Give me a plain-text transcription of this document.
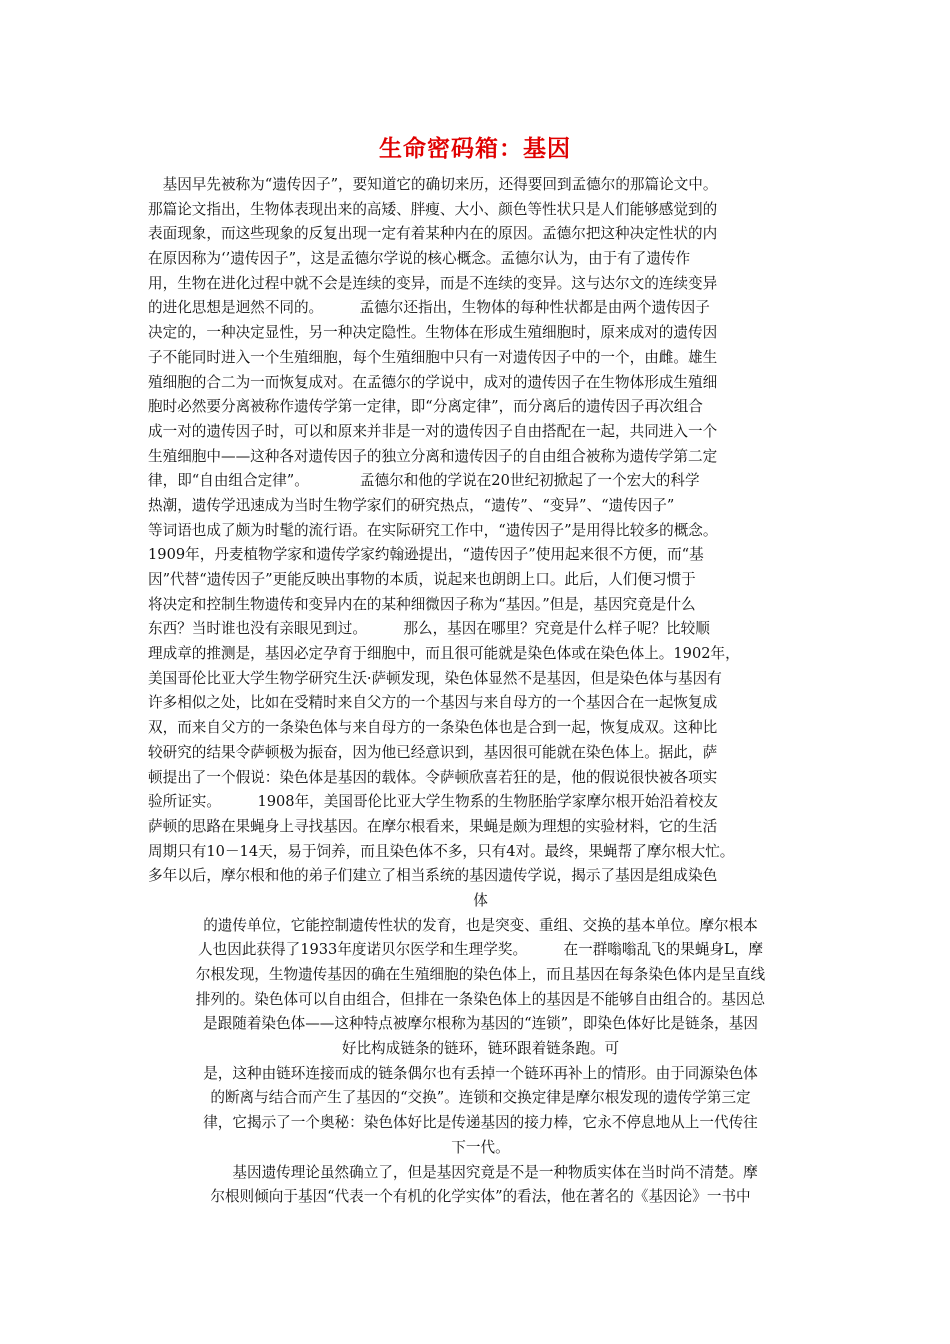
生命密码箱：基因
　基因早先被称为“遗传因子”，要知道它的确切来历，还得要回到孟德尔的那篇论文中。
那篇论文指出，生物体表现出来的高矮、胖瘦、大小、颜色等性状只是人们能够感觉到的
表面现象，而这些现象的反复出现一定有着某种内在的原因。孟德尔把这种决定性状的内
在原因称为‘’遗传因子”，这是孟德尔学说的核心概念。孟德尔认为，由于有了遗传作
用，生物在进化过程中就不会是连续的变异，而是不连续的变异。这与达尔文的连续变异
的进化思想是迥然不同的。　　　孟德尔还指出，生物体的每种性状都是由两个遗传因子
决定的，一种决定显性，另一种决定隐性。生物体在形成生殖细胞时，原来成对的遗传因
子不能同时进入一个生殖细胞，每个生殖细胞中只有一对遗传因子中的一个，由雌。雄生
殖细胞的合二为一而恢复成对。在孟德尔的学说中，成对的遗传因子在生物体形成生殖细
胞时必然要分离被称作遗传学第一定律，即“分离定律”，而分离后的遗传因子再次组合
成一对的遗传因子时，可以和原来并非是一对的遗传因子自由搭配在一起，共同进入一个
生殖细胞中——这种各对遗传因子的独立分离和遗传因子的自由组合被称为遗传学第二定
律，即“自由组合定律”。　　　　孟德尔和他的学说在20世纪初掀起了一个宏大的科学
热潮，遗传学迅速成为当时生物学家们的研究热点，“遗传”、“变异”、“遗传因子”
等词语也成了颇为时髦的流行语。在实际研究工作中，“遗传因子”是用得比较多的概念。
1909年，丹麦植物学家和遗传学家约翰逊提出，“遗传因子”使用起来很不方便，而“基
因”代替“遗传因子”更能反映出事物的本质，说起来也朗朗上口。此后，人们便习惯于
将决定和控制生物遗传和变异内在的某种细微因子称为“基因。”但是，基因究竟是什么
东西？当时谁也没有亲眼见到过。　　　那么，基因在哪里？究竟是什么样子呢？比较顺
理成章的推测是，基因必定孕育于细胞中，而且很可能就是染色体或在染色体上。1902年，
美国哥伦比亚大学生物学研究生沃·萨顿发现，染色体显然不是基因，但是染色体与基因有
许多相似之处，比如在受精时来自父方的一个基因与来自母方的一个基因合在一起恢复成
双，而来自父方的一条染色体与来自母方的一条染色体也是合到一起，恢复成双。这种比
较研究的结果令萨顿极为振奋，因为他已经意识到，基因很可能就在染色体上。据此，萨
顿提出了一个假说：染色体是基因的载体。令萨顿欣喜若狂的是，他的假说很快被各项实
验所证实。　　　1908年，美国哥伦比亚大学生物系的生物胚胎学家摩尔根开始沿着校友
萨顿的思路在果蝇身上寻找基因。在摩尔根看来，果蝇是颇为理想的实验材料，它的生活
周期只有10－14天，易于饲养，而且染色体不多，只有4对。最终，果蝇帮了摩尔根大忙。
多年以后，摩尔根和他的弟子们建立了相当系统的基因遗传学说，揭示了基因是组成染色
体
的遗传单位，它能控制遗传性状的发育，也是突变、重组、交换的基本单位。摩尔根本
人也因此获得了1933年度诺贝尔医学和生理学奖。　　　在一群嗡嗡乱飞的果蝇身L，摩
尔根发现，生物遗传基因的确在生殖细胞的染色体上，而且基因在每条染色体内是呈直线
排列的。染色体可以自由组合，但排在一条染色体上的基因是不能够自由组合的。基因总
是跟随着染色体——这种特点被摩尔根称为基因的“连锁”，即染色体好比是链条，基因
好比构成链条的链环，链环跟着链条跑。可
是，这种由链环连接而成的链条偶尔也有丢掉一个链环再补上的情形。由于同源染色体
的断离与结合而产生了基因的“交换”。连锁和交换定律是摩尔根发现的遗传学第三定
律，它揭示了一个奥秘：染色体好比是传递基因的接力棒，它永不停息地从上一代传往
下一代。
　　基因遗传理论虽然确立了，但是基因究竟是不是一种物质实体在当时尚不清楚。摩
尔根则倾向于基因“代表一个有机的化学实体”的看法，他在著名的《基因论》一书中
